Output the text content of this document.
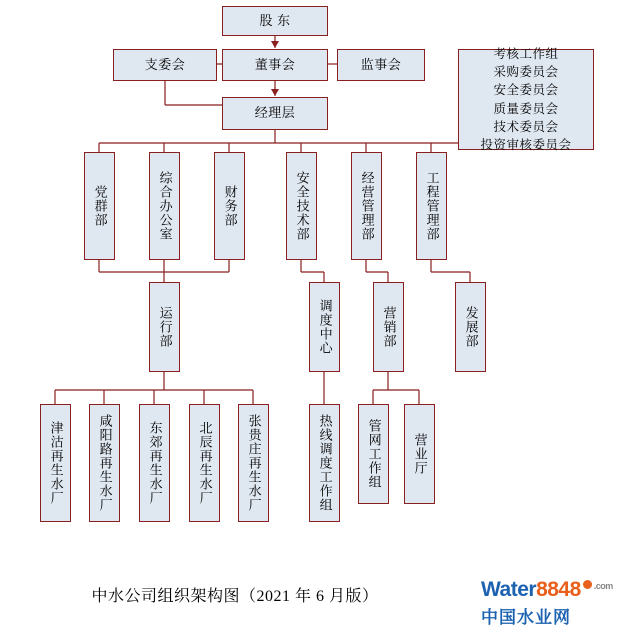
股 东
支委会	董事会	监事会
考核工作组
采购委员会
安全委员会
质量委员会
技术委员会
投资审核委员会
经理层
党群部	综合办公室	财务部	安全技术部	经营管理部	工程管理部
运行部	调度中心	营销部	发展部
津沽再生水厂	咸阳路再生水厂	东郊再生水厂	北辰再生水厂	张贵庄再生水厂	热线调度工作组	管网工作组 营业厅
中水公司组织架构图（2021 年 6 月版）	Water 8848 .com
中国水业网
